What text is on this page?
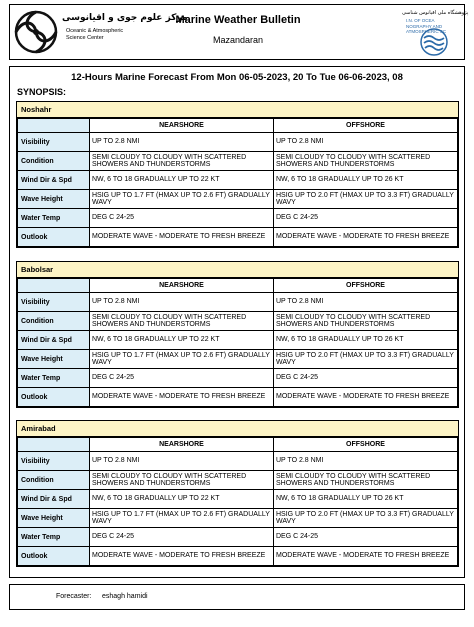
مرکز علوم جوی و اقیانوسی
Oceanic & Atmospheric
Science Center
Marine Weather Bulletin
Mazandaran
پژوهشگاه ملی اقیانوس شناسی
I.N. OF OCEA
NOGRAPHY AND
ATMOSPHERIC SC
12-Hours Marine Forecast From Mon 06-05-2023, 20 To Tue 06-06-2023, 08
SYNOPSIS:
Noshahr
	NEARSHORE	OFFSHORE
Visibility	UP TO 2.8 NMI	UP TO 2.8 NMI
Condition	SEMI CLOUDY TO CLOUDY WITH SCATTERED SHOWERS AND THUNDERSTORMS	SEMI CLOUDY TO CLOUDY WITH SCATTERED SHOWERS AND THUNDERSTORMS
Wind Dir & Spd	NW, 6 TO 18 GRADUALLY UP TO 22 KT	NW, 6 TO 18 GRADUALLY UP TO 26 KT
Wave Height	HSIG UP TO 1.7 FT (HMAX UP TO 2.6 FT) GRADUALLY WAVY	HSIG UP TO 2.0 FT (HMAX UP TO 3.3 FT) GRADUALLY WAVY
Water Temp	DEG C 24-25	DEG C 24-25
Outlook	MODERATE WAVE - MODERATE TO FRESH BREEZE	MODERATE WAVE - MODERATE TO FRESH BREEZE
Babolsar
	NEARSHORE	OFFSHORE
Visibility	UP TO 2.8 NMI	UP TO 2.8 NMI
Condition	SEMI CLOUDY TO CLOUDY WITH SCATTERED SHOWERS AND THUNDERSTORMS	SEMI CLOUDY TO CLOUDY WITH SCATTERED SHOWERS AND THUNDERSTORMS
Wind Dir & Spd	NW, 6 TO 18 GRADUALLY UP TO 22 KT	NW, 6 TO 18 GRADUALLY UP TO 26 KT
Wave Height	HSIG UP TO 1.7 FT (HMAX UP TO 2.6 FT) GRADUALLY WAVY	HSIG UP TO 2.0 FT (HMAX UP TO 3.3 FT) GRADUALLY WAVY
Water Temp	DEG C 24-25	DEG C 24-25
Outlook	MODERATE WAVE - MODERATE TO FRESH BREEZE	MODERATE WAVE - MODERATE TO FRESH BREEZE
Amirabad
	NEARSHORE	OFFSHORE
Visibility	UP TO 2.8 NMI	UP TO 2.8 NMI
Condition	SEMI CLOUDY TO CLOUDY WITH SCATTERED SHOWERS AND THUNDERSTORMS	SEMI CLOUDY TO CLOUDY WITH SCATTERED SHOWERS AND THUNDERSTORMS
Wind Dir & Spd	NW, 6 TO 18 GRADUALLY UP TO 22 KT	NW, 6 TO 18 GRADUALLY UP TO 26 KT
Wave Height	HSIG UP TO 1.7 FT (HMAX UP TO 2.6 FT) GRADUALLY WAVY	HSIG UP TO 2.0 FT (HMAX UP TO 3.3 FT) GRADUALLY WAVY
Water Temp	DEG C 24-25	DEG C 24-25
Outlook	MODERATE WAVE - MODERATE TO FRESH BREEZE	MODERATE WAVE - MODERATE TO FRESH BREEZE
Forecaster: eshagh hamidi
